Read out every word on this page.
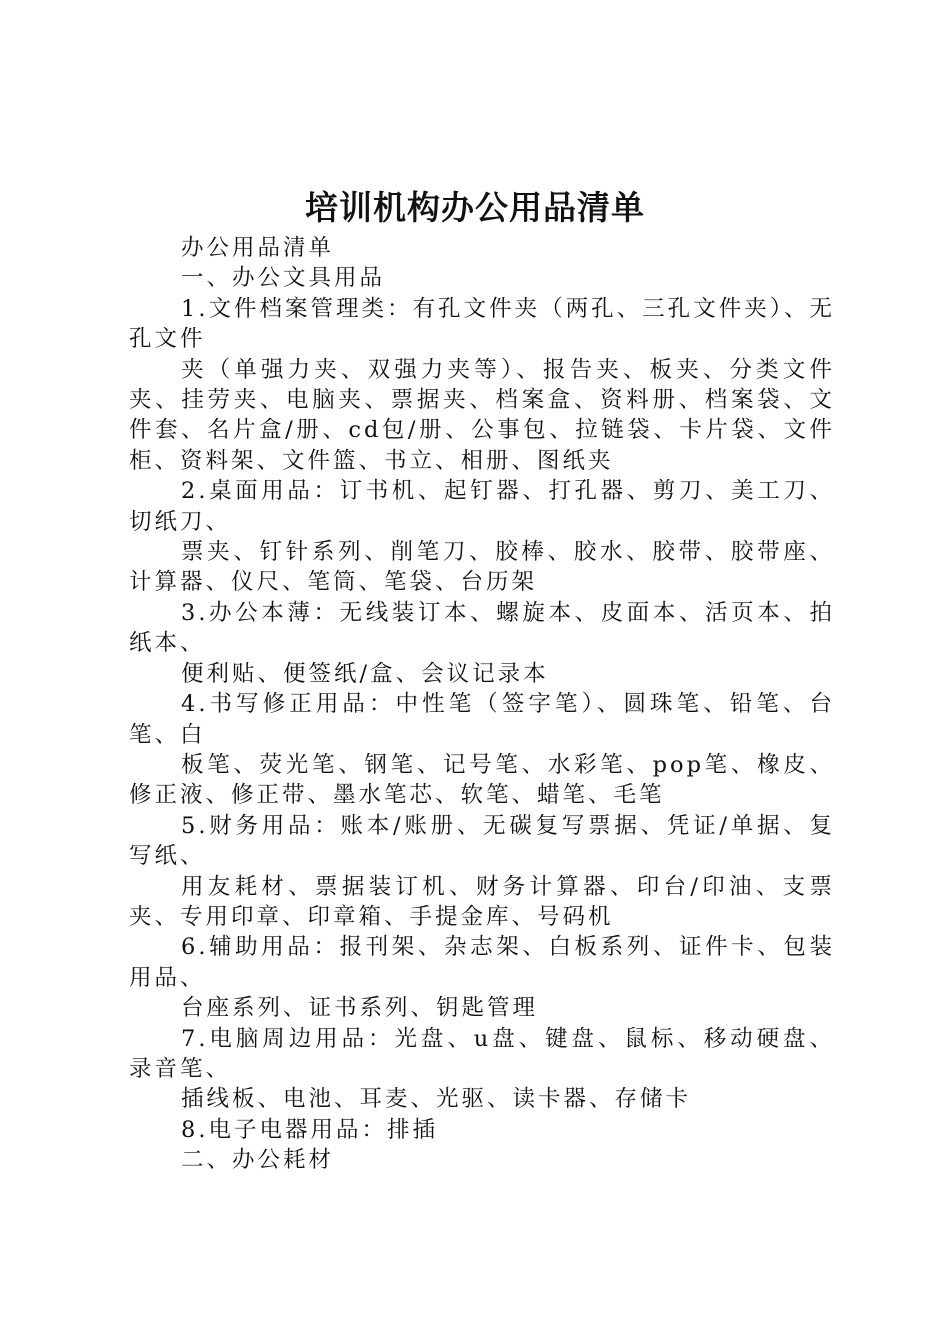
培训机构办公用品清单

办公用品清单

一、办公文具用品

1.文件档案管理类：有孔文件夹（两孔、三孔文件夹）、无孔文件

夹（单强力夹、双强力夹等）、报告夹、板夹、分类文件夹、挂劳夹、电脑夹、票据夹、档案盒、资料册、档案袋、文件套、名片盒/册、cd包/册、公事包、拉链袋、卡片袋、文件柜、资料架、文件篮、书立、相册、图纸夹

2.桌面用品：订书机、起钉器、打孔器、剪刀、美工刀、切纸刀、

票夹、钉针系列、削笔刀、胶棒、胶水、胶带、胶带座、计算器、仪尺、笔筒、笔袋、台历架

3.办公本薄：无线装订本、螺旋本、皮面本、活页本、拍纸本、

便利贴、便签纸/盒、会议记录本

4.书写修正用品：中性笔（签字笔）、圆珠笔、铅笔、台笔、白

板笔、荧光笔、钢笔、记号笔、水彩笔、pop笔、橡皮、修正液、修正带、墨水笔芯、软笔、蜡笔、毛笔

5.财务用品：账本/账册、无碳复写票据、凭证/单据、复写纸、

用友耗材、票据装订机、财务计算器、印台/印油、支票夹、专用印章、印章箱、手提金库、号码机

6.辅助用品：报刊架、杂志架、白板系列、证件卡、包装用品、

台座系列、证书系列、钥匙管理

7.电脑周边用品：光盘、u盘、键盘、鼠标、移动硬盘、录音笔、

插线板、电池、耳麦、光驱、读卡器、存储卡

8.电子电器用品：排插

二、办公耗材
